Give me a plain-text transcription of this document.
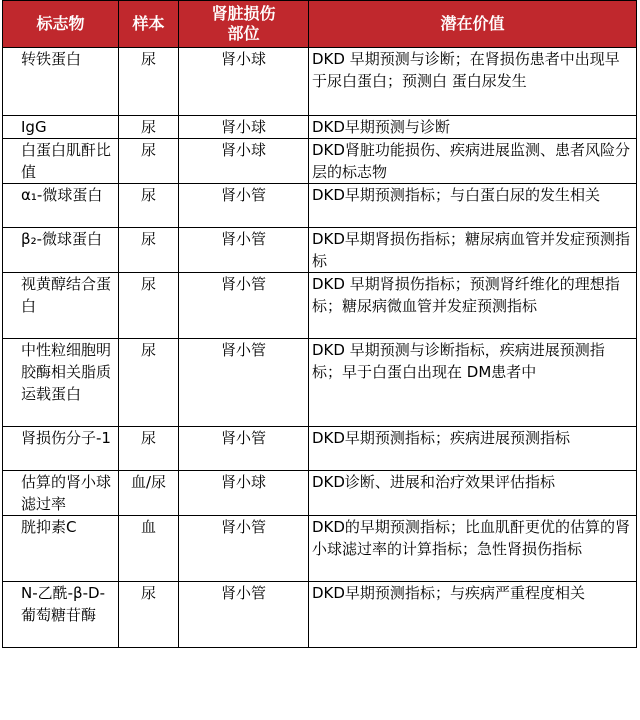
标志物	样本	肾脏损伤部位	潜在价值
转铁蛋白	尿	肾小球	DKD 早期预测与诊断；在肾损伤患者中出现早于尿白蛋白；预测白 蛋白尿发生
IgG	尿	肾小球	DKD早期预测与诊断
白蛋白肌酐比值	尿	肾小球	DKD肾脏功能损伤、疾病进展监测、患者风险分层的标志物
α₁-微球蛋白	尿	肾小管	DKD早期预测指标；与白蛋白尿的发生相关
β₂-微球蛋白	尿	肾小管	DKD早期肾损伤指标；糖尿病血管并发症预测指标
视黄醇结合蛋白	尿	肾小管	DKD 早期肾损伤指标；预测肾纤维化的理想指标；糖尿病微血管并发症预测指标
中性粒细胞明胶酶相关脂质运载蛋白	尿	肾小管	DKD 早期预测与诊断指标，疾病进展预测指标；早于白蛋白出现在 DM患者中
肾损伤分子-1	尿	肾小管	DKD早期预测指标；疾病进展预测指标
估算的肾小球滤过率	血/尿	肾小球	DKD诊断、进展和治疗效果评估指标
胱抑素C	血	肾小管	DKD的早期预测指标；比血肌酐更优的估算的肾小球滤过率的计算指标；急性肾损伤指标
N-乙酰-β-D-葡萄糖苷酶	尿	肾小管	DKD早期预测指标；与疾病严重程度相关
